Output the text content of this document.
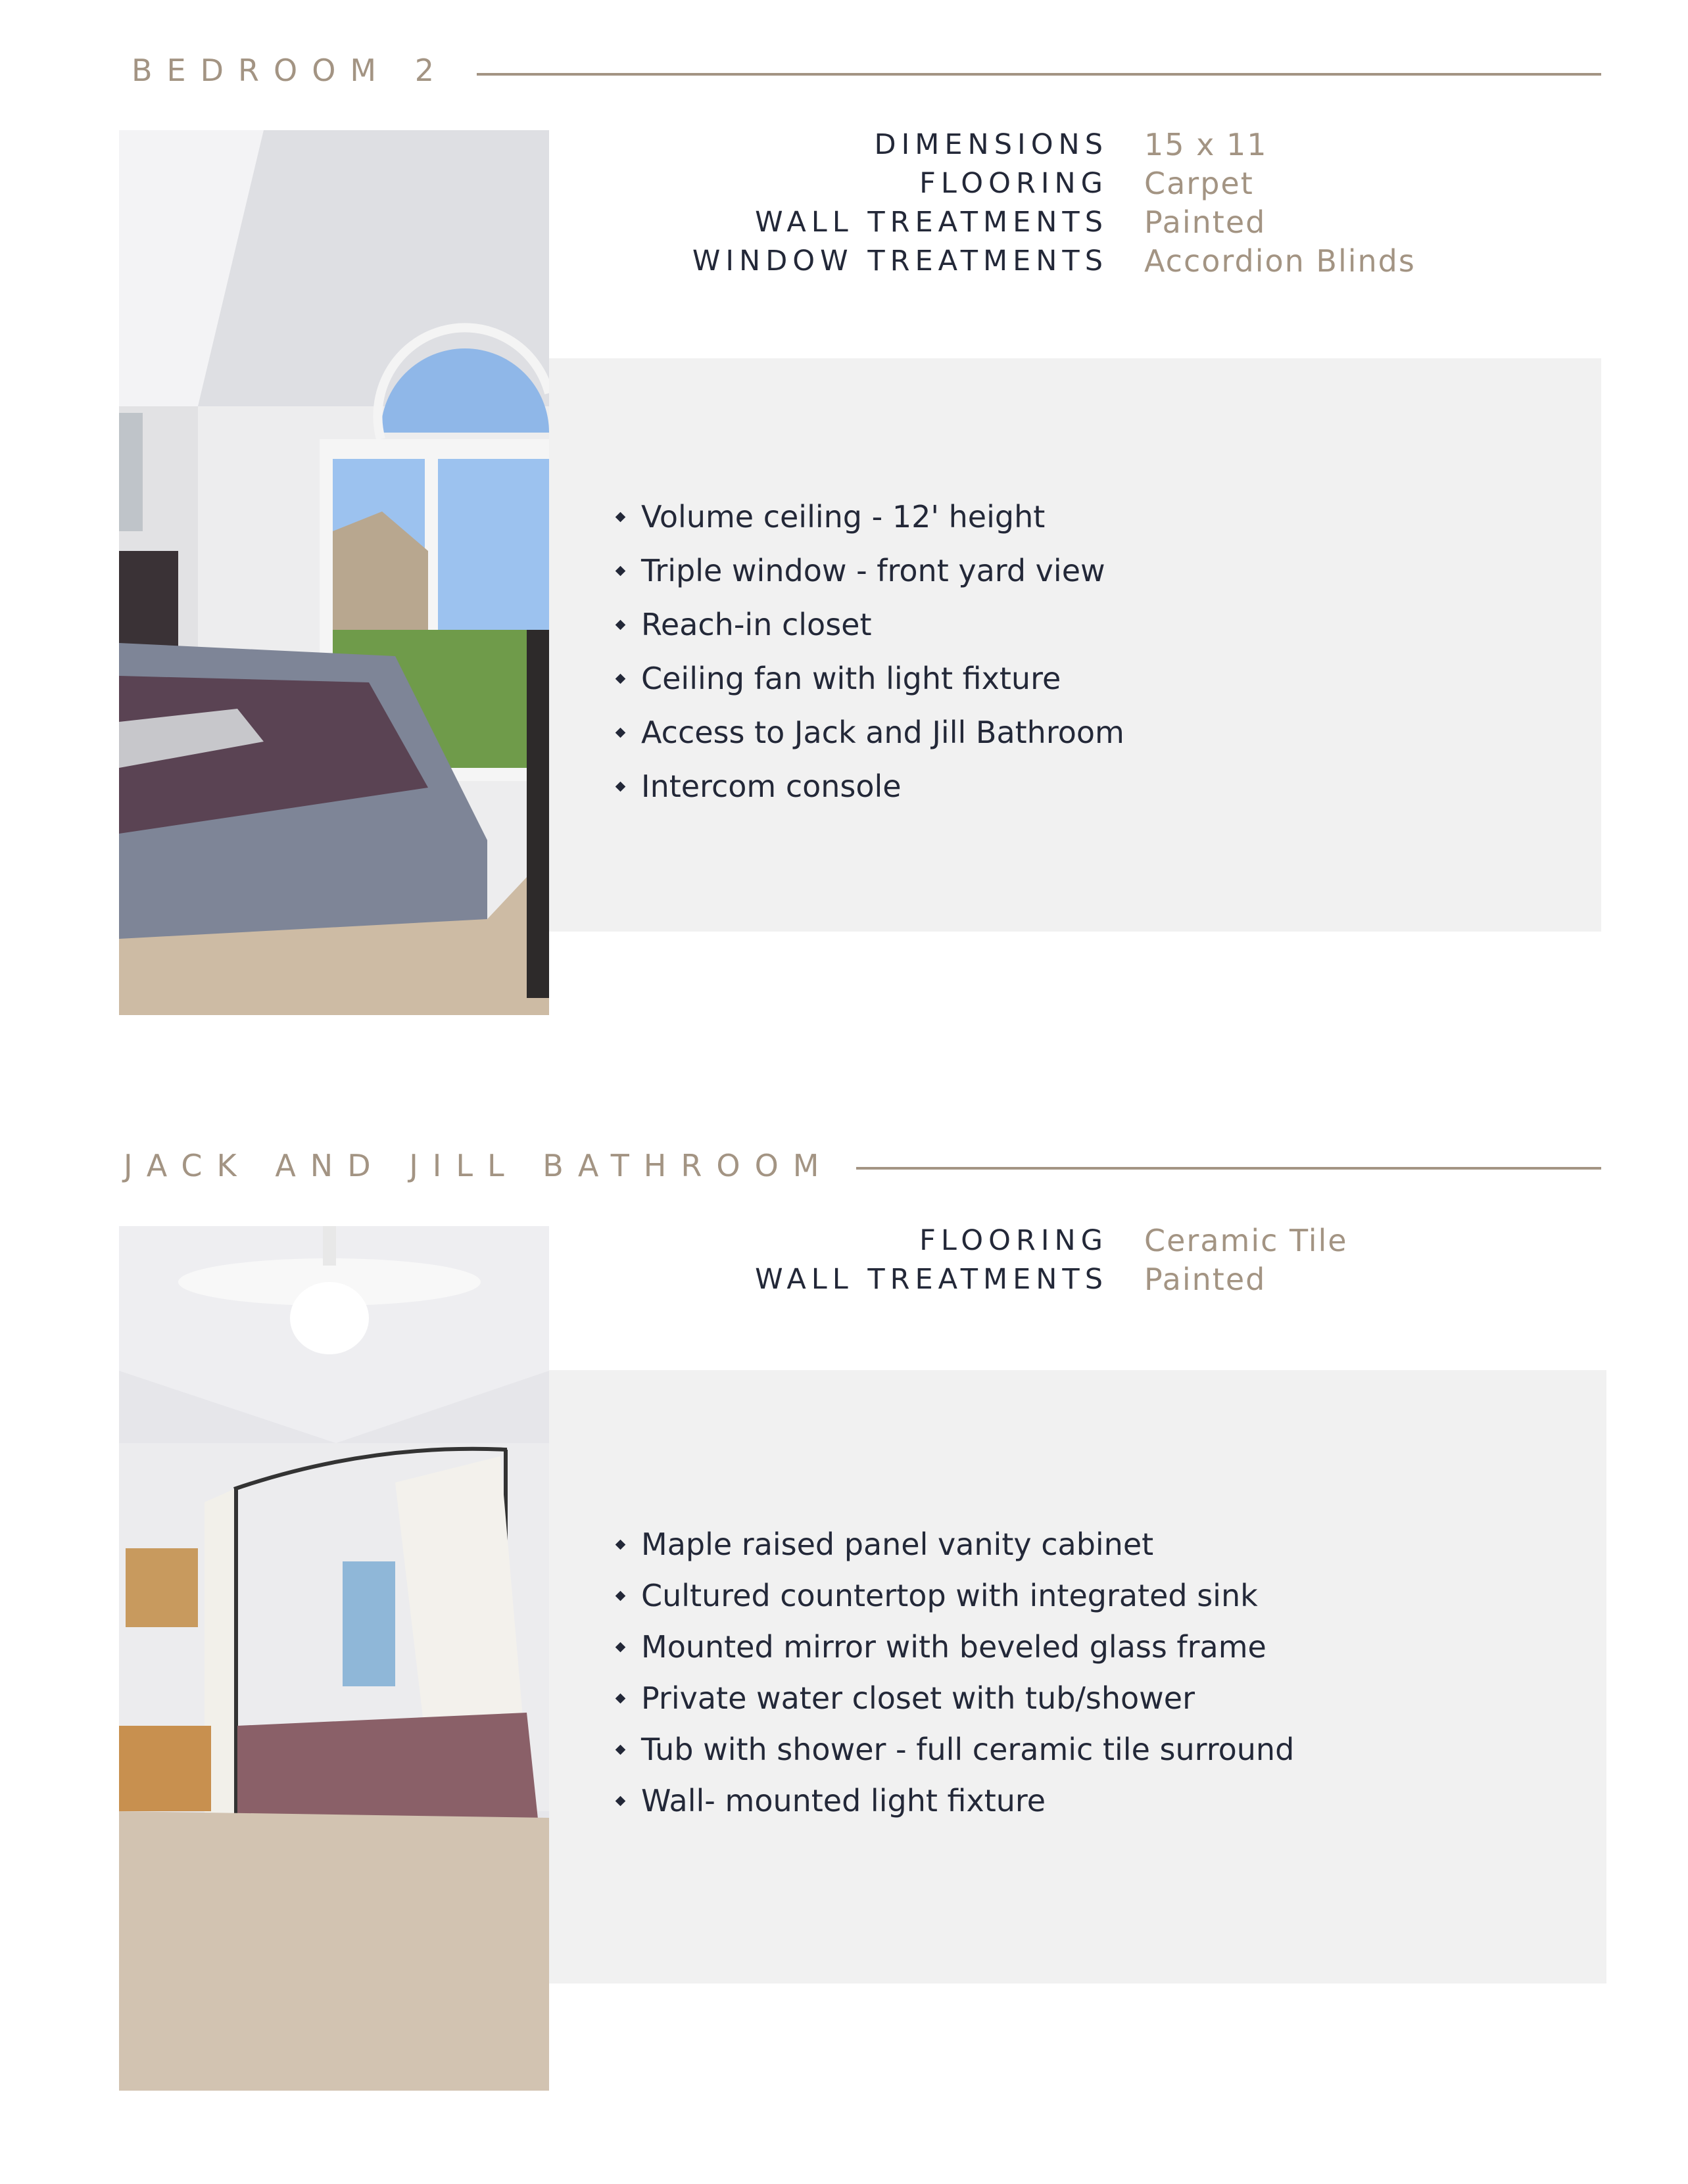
BEDROOM 2
DIMENSIONS 15 x 11
FLOORING Carpet
WALL TREATMENTS Painted
WINDOW TREATMENTS Accordion Blinds
Volume ceiling - 12' height
Triple window - front yard view
Reach-in closet
Ceiling fan with light fixture
Access to Jack and Jill Bathroom
Intercom console
JACK AND JILL BATHROOM
FLOORING Ceramic Tile
WALL TREATMENTS Painted
Maple raised panel vanity cabinet
Cultured countertop with integrated sink
Mounted mirror with beveled glass frame
Private water closet with tub/shower
Tub with shower - full ceramic tile surround
Wall- mounted light fixture
